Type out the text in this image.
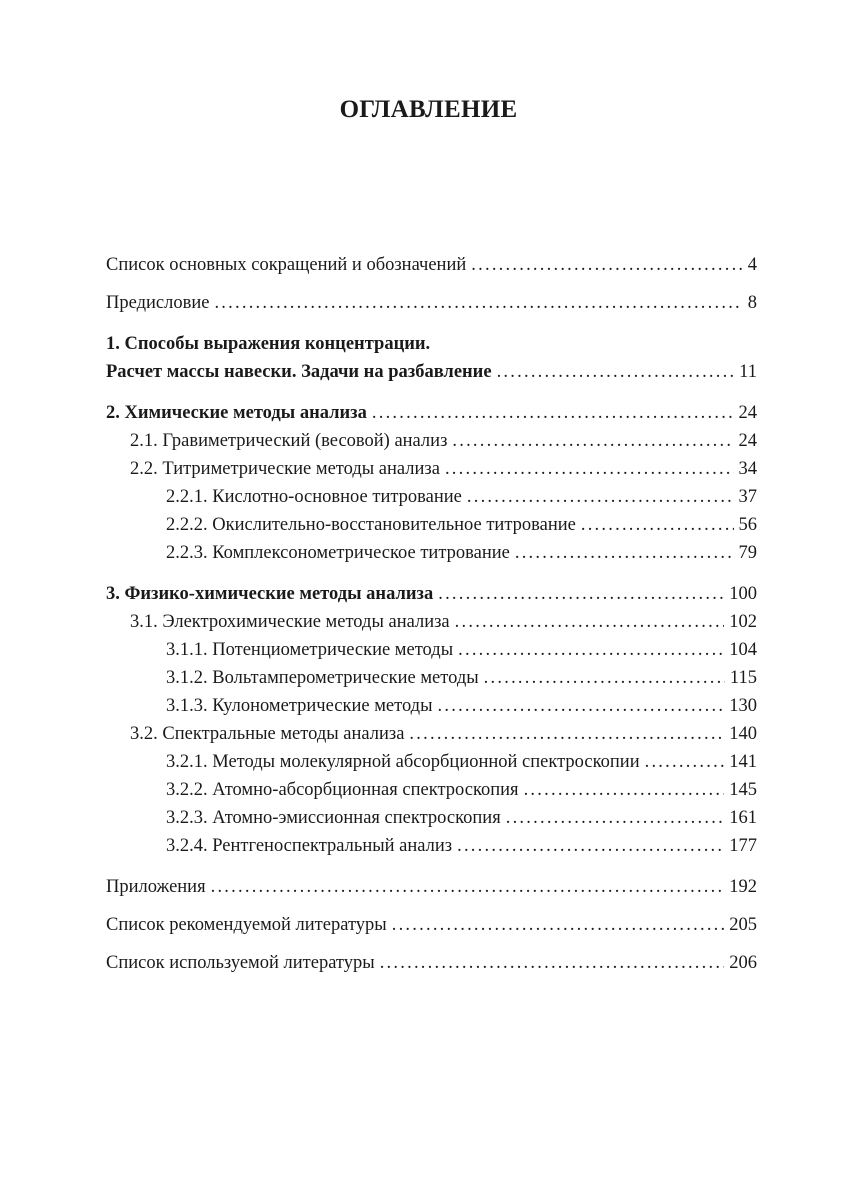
ОГЛАВЛЕНИЕ
Список основных сокращений и обозначений . . .	4
Предисловие . . .	8
1. Способы выражения концентрации.
Расчет массы навески. Задачи на разбавление . . .	11
2. Химические методы анализа . . .	24
2.1. Гравиметрический (весовой) анализ . . .	24
2.2. Титриметрические методы анализа . . .	34
2.2.1. Кислотно-основное титрование . . .	37
2.2.2. Окислительно-восстановительное титрование . . .	56
2.2.3. Комплексонометрическое титрование . . .	79
3. Физико-химические методы анализа . . .	100
3.1. Электрохимические методы анализа . . .	102
3.1.1. Потенциометрические методы . . .	104
3.1.2. Вольтамперометрические методы . . .	115
3.1.3. Кулонометрические методы . . .	130
3.2. Спектральные методы анализа . . .	140
3.2.1. Методы молекулярной абсорбционной спектроскопии . . .	141
3.2.2. Атомно-абсорбционная спектроскопия . . .	145
3.2.3. Атомно-эмиссионная спектроскопия . . .	161
3.2.4. Рентгеноспектральный анализ . . .	177
Приложения . . .	192
Список рекомендуемой литературы . . .	205
Список используемой литературы . . .	206
